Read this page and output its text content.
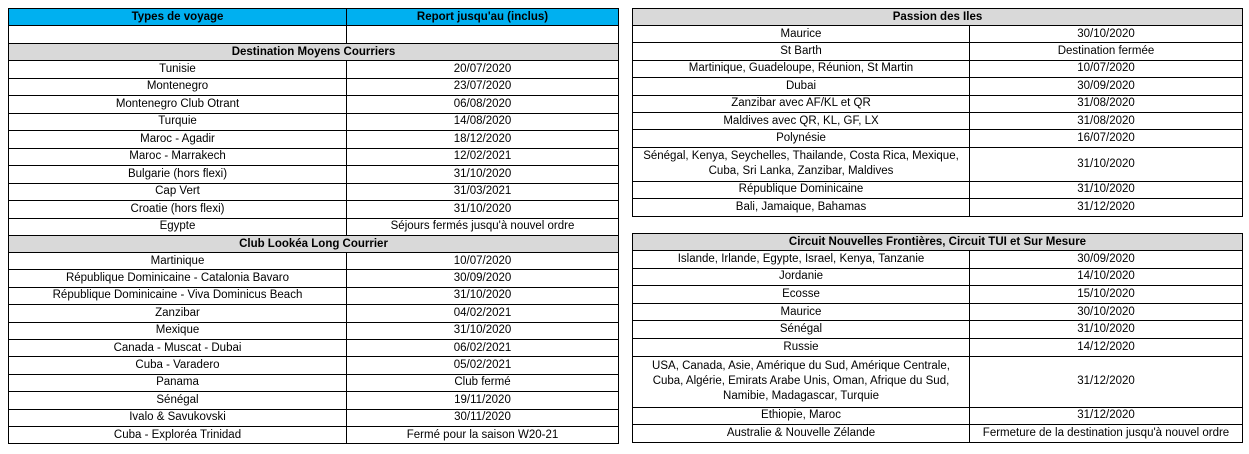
Types de voyage	Report jusqu'au (inclus)

Destination Moyens Courriers	
Tunisie	20/07/2020
Montenegro	23/07/2020
Montenegro Club Otrant	06/08/2020
Turquie	14/08/2020
Maroc - Agadir	18/12/2020
Maroc - Marrakech	12/02/2021
Bulgarie (hors flexi)	31/10/2020
Cap Vert	31/03/2021
Croatie (hors flexi)	31/10/2020
Egypte	Séjours fermés jusqu'à nouvel ordre
Club Lookéa Long Courrier	
Martinique	10/07/2020
République Dominicaine - Catalonia Bavaro	30/09/2020
République Dominicaine - Viva Dominicus Beach	31/10/2020
Zanzibar	04/02/2021
Mexique	31/10/2020
Canada - Muscat - Dubai	06/02/2021
Cuba - Varadero	05/02/2021
Panama	Club fermé
Sénégal	19/11/2020
Ivalo & Savukovski	30/11/2020
Cuba - Exploréa Trinidad	Fermé pour la saison W20-21
Passion des Iles	
Maurice	30/10/2020
St Barth	Destination fermée
Martinique, Guadeloupe, Réunion, St Martin	10/07/2020
Dubai	30/09/2020
Zanzibar avec AF/KL et QR	31/08/2020
Maldives avec QR, KL, GF, LX	31/08/2020
Polynésie	16/07/2020
Sénégal, Kenya, Seychelles, Thailande, Costa Rica, Mexique, Cuba, Sri Lanka, Zanzibar, Maldives	31/10/2020
République Dominicaine	31/10/2020
Bali, Jamaique, Bahamas	31/12/2020
Circuit Nouvelles Frontières, Circuit TUI et Sur Mesure	
Islande, Irlande, Egypte, Israel, Kenya, Tanzanie	30/09/2020
Jordanie	14/10/2020
Ecosse	15/10/2020
Maurice	30/10/2020
Sénégal	31/10/2020
Russie	14/12/2020
USA, Canada, Asie, Amérique du Sud, Amérique Centrale, Cuba, Algérie, Emirats Arabe Unis, Oman, Afrique du Sud, Namibie, Madagascar, Turquie	31/12/2020
Ethiopie, Maroc	31/12/2020
Australie & Nouvelle Zélande	Fermeture de la destination jusqu'à nouvel ordre
